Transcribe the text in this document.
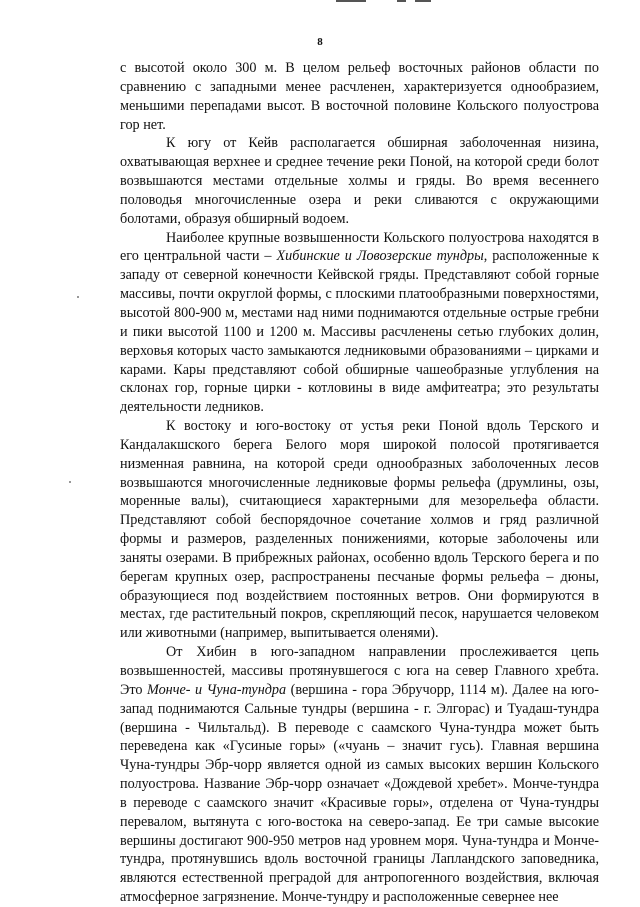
8

с высотой около 300 м. В целом рельеф восточных районов области по сравнению с западными менее расчленен, характеризуется однообразием, меньшими перепадами высот. В восточной половине Кольского полуострова гор нет.

К югу от Кейв располагается обширная заболоченная низина, охватывающая верхнее и среднее течение реки Поной, на которой среди болот возвышаются местами отдельные холмы и гряды. Во время весеннего половодья многочисленные озера и реки сливаются с окружающими болотами, образуя обширный водоем.

Наиболее крупные возвышенности Кольского полуострова находятся в его центральной части – Хибинские и Ловозерские тундры, расположенные к западу от северной конечности Кейвской гряды. Представляют собой горные массивы, почти округлой формы, с плоскими платообразными поверхностями, высотой 800-900 м, местами над ними поднимаются отдельные острые гребни и пики высотой 1100 и 1200 м. Массивы расчленены сетью глубоких долин, верховья которых часто замыкаются ледниковыми образованиями – цирками и карами. Кары представляют собой обширные чашеобразные углубления на склонах гор, горные цирки - котловины в виде амфитеатра; это результаты деятельности ледников.

К востоку и юго-востоку от устья реки Поной вдоль Терского и Кандалакшского берега Белого моря широкой полосой протягивается низменная равнина, на которой среди однообразных заболоченных лесов возвышаются многочисленные ледниковые формы рельефа (друмлины, озы, моренные валы), считающиеся характерными для мезорельефа области. Представляют собой беспорядочное сочетание холмов и гряд различной формы и размеров, разделенных понижениями, которые заболочены или заняты озерами. В прибрежных районах, особенно вдоль Терского берега и по берегам крупных озер, распространены песчаные формы рельефа – дюны, образующиеся под воздействием постоянных ветров. Они формируются в местах, где растительный покров, скрепляющий песок, нарушается человеком или животными (например, выпитывается оленями).

От Хибин в юго-западном направлении прослеживается цепь возвышенностей, массивы протянувшегося с юга на север Главного хребта. Это Монче- и Чуна-тундра (вершина - гора Эбручорр, 1114 м). Далее на юго-запад поднимаются Сальные тундры (вершина - г. Элгорас) и Туадаш-тундра (вершина - Чильтальд). В переводе с саамского Чуна-тундра может быть переведена как «Гусиные горы» («чуань – значит гусь). Главная вершина Чуна-тундры Эбр-чорр является одной из самых высоких вершин Кольского полуострова. Название Эбр-чорр означает «Дождевой хребет». Монче-тундра в переводе с саамского значит «Красивые горы», отделена от Чуна-тундры перевалом, вытянута с юго-востока на северо-запад. Ее три самые высокие вершины достигают 900-950 метров над уровнем моря. Чуна-тундра и Монче-тундра, протянувшись вдоль восточной границы Лапландского заповедника, являются естественной преградой для антропогенного воздействия, включая атмосферное загрязнение. Монче-тундру и расположенные севернее нее
